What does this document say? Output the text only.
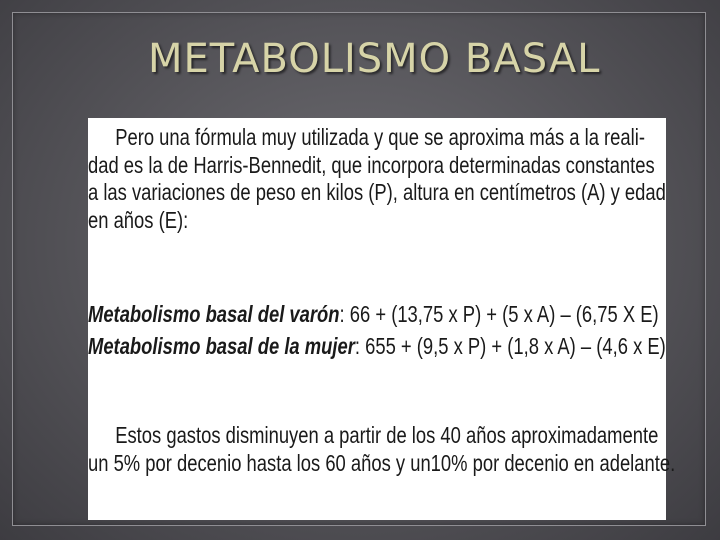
METABOLISMO BASAL
Pero una fórmula muy utilizada y que se aproxima más a la reali-
dad es la de Harris-Bennedit, que incorpora determinadas constantes
a las variaciones de peso en kilos (P), altura en centímetros (A) y edad
en años (E):
Metabolismo basal del varón: 66 + (13,75 x P) + (5 x A) – (6,75 X E)
Metabolismo basal de la mujer: 655 + (9,5 x P) + (1,8 x A) – (4,6 x E)
Estos gastos disminuyen a partir de los 40 años aproximadamente
un 5% por decenio hasta los 60 años y un10% por decenio en adelante.
